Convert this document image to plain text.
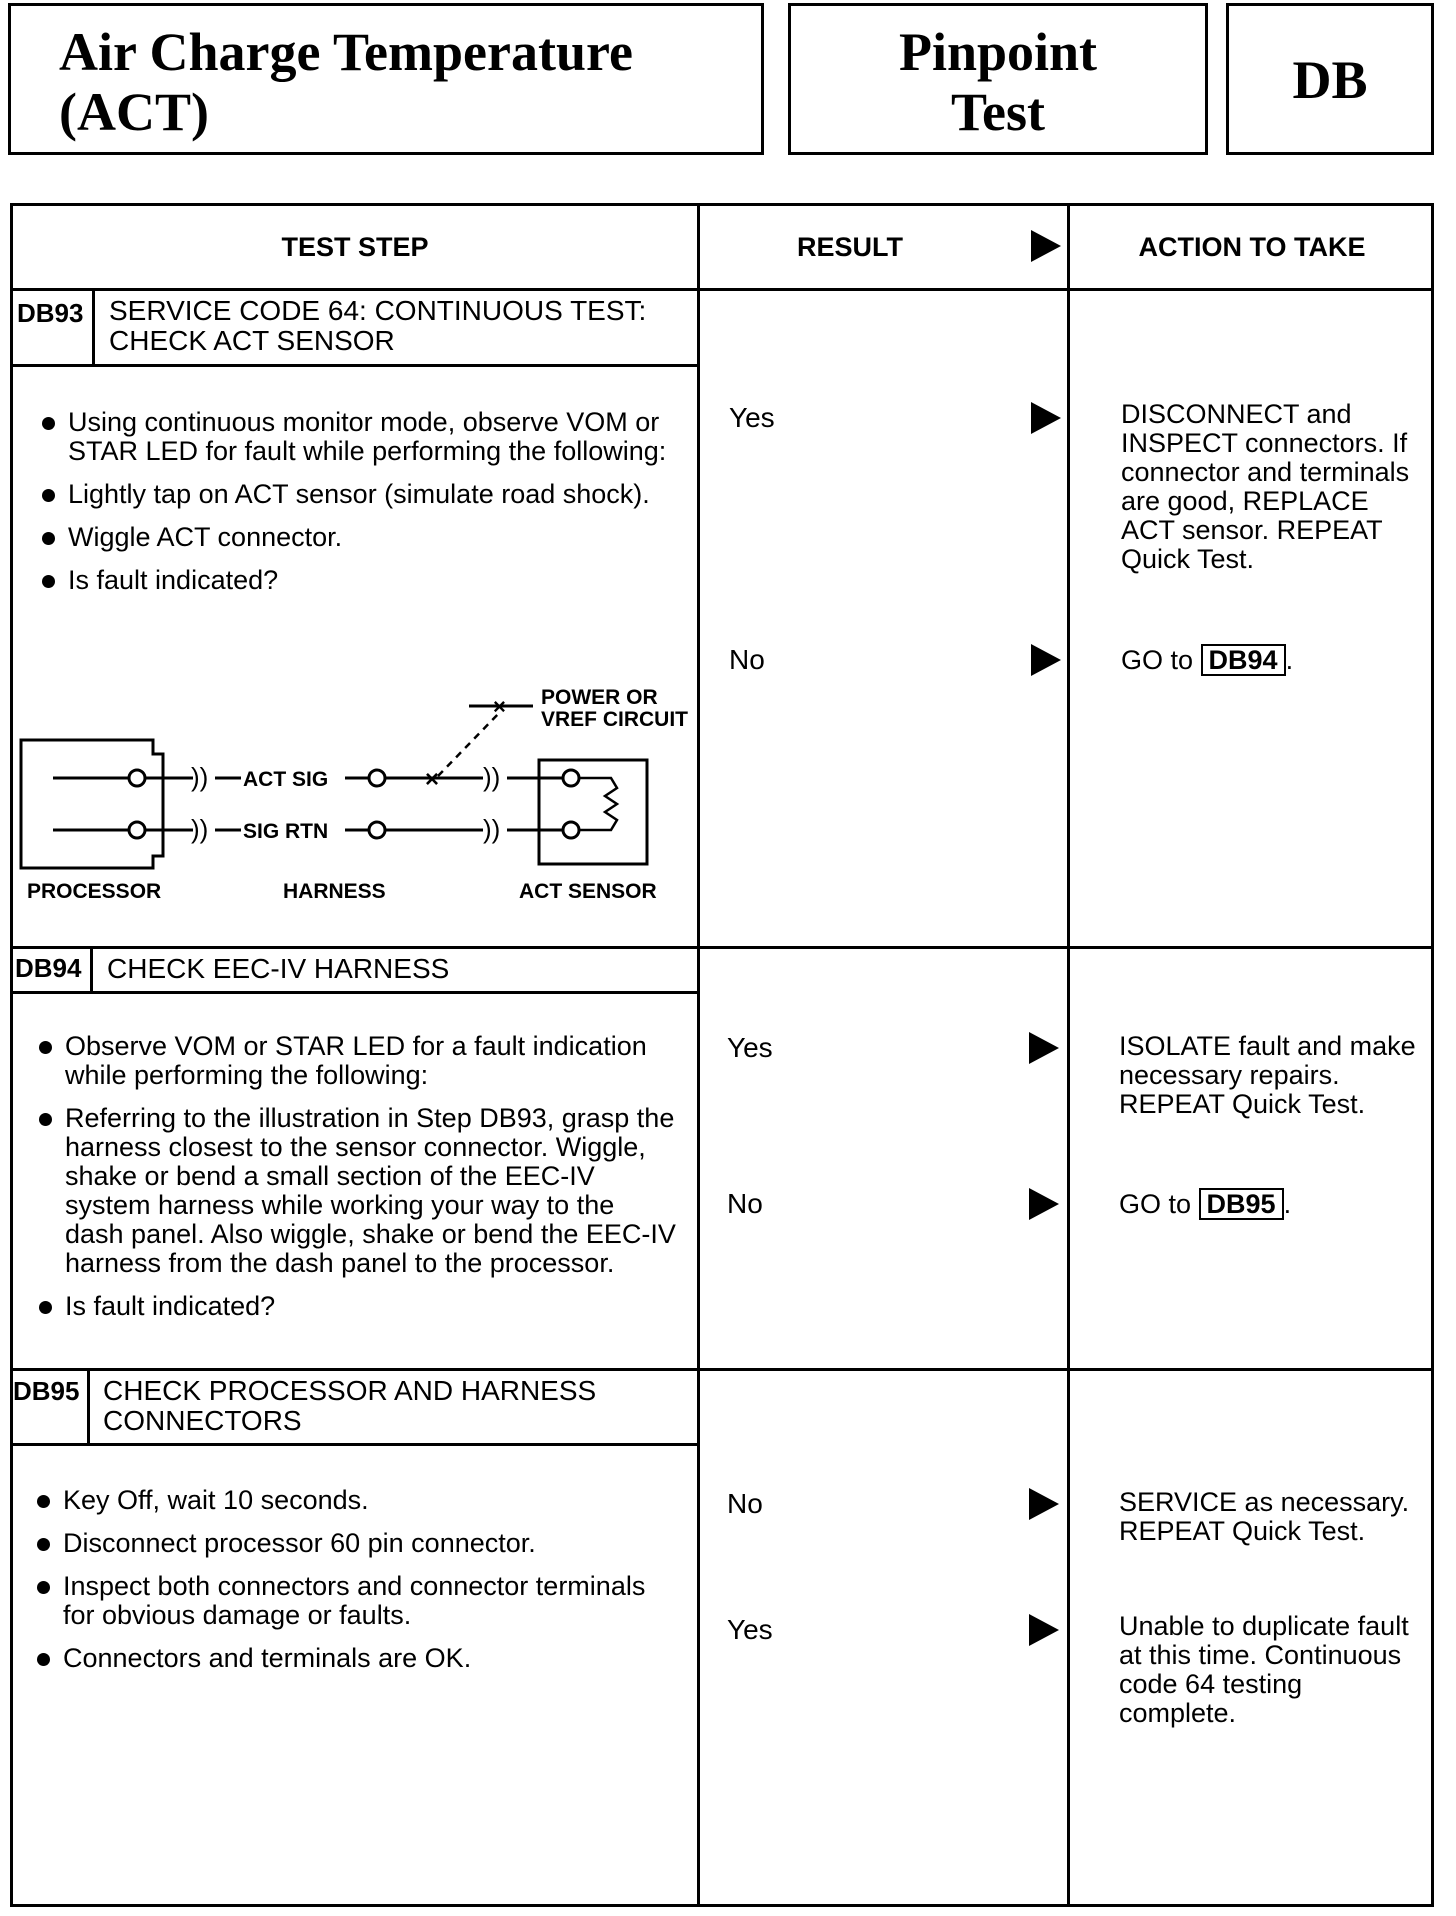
Air Charge Temperature
(ACT)
Pinpoint
Test
DB
TEST STEP	RESULT	ACTION TO TAKE
DB93 SERVICE CODE 64: CONTINUOUS TEST:
CHECK ACT SENSOR
Using continuous monitor mode, observe VOM or STAR LED for fault while performing the following:
Lightly tap on ACT sensor (simulate road shock).
Wiggle ACT connector.
Is fault indicated?
)) ACT SIG	))
×
× POWER OR
VREF CIRCUIT
)) SIG RTN	))
PROCESSOR	HARNESS	ACT SENSOR
Yes	DISCONNECT and INSPECT connectors. If connector and terminals are good, REPLACE ACT sensor. REPEAT Quick Test.
No	GO to DB94 .
DB94 CHECK EEC-IV HARNESS
Observe VOM or STAR LED for a fault indication while performing the following:
Referring to the illustration in Step DB93, grasp the harness closest to the sensor connector. Wiggle, shake or bend a small section of the EEC-IV system harness while working your way to the dash panel. Also wiggle, shake or bend the EEC-IV harness from the dash panel to the processor.
Is fault indicated?
Yes	ISOLATE fault and make necessary repairs. REPEAT Quick Test.
No	GO to DB95 .
DB95 CHECK PROCESSOR AND HARNESS
CONNECTORS
Key Off, wait 10 seconds.
Disconnect processor 60 pin connector.
Inspect both connectors and connector terminals for obvious damage or faults.
Connectors and terminals are OK.
No	SERVICE as necessary. REPEAT Quick Test.
Yes	Unable to duplicate fault at this time. Continuous code 64 testing complete.
